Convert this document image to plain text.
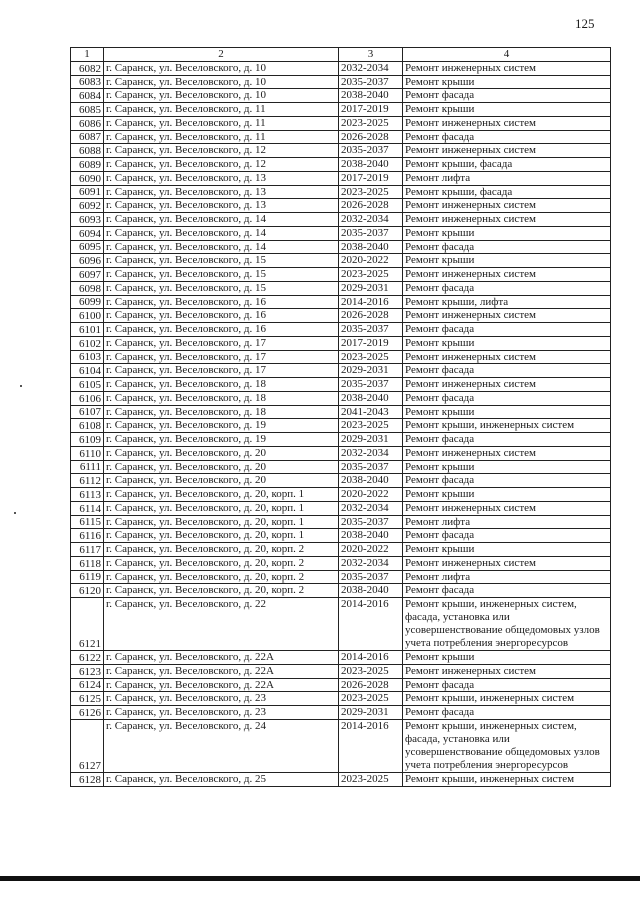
125
1	2	3	4
6082	г. Саранск, ул. Веселовского, д. 10	2032-2034	Ремонт инженерных систем
6083	г. Саранск, ул. Веселовского, д. 10	2035-2037	Ремонт крыши
6084	г. Саранск, ул. Веселовского, д. 10	2038-2040	Ремонт фасада
6085	г. Саранск, ул. Веселовского, д. 11	2017-2019	Ремонт крыши
6086	г. Саранск, ул. Веселовского, д. 11	2023-2025	Ремонт инженерных систем
6087	г. Саранск, ул. Веселовского, д. 11	2026-2028	Ремонт фасада
6088	г. Саранск, ул. Веселовского, д. 12	2035-2037	Ремонт инженерных систем
6089	г. Саранск, ул. Веселовского, д. 12	2038-2040	Ремонт крыши, фасада
6090	г. Саранск, ул. Веселовского, д. 13	2017-2019	Ремонт лифта
6091	г. Саранск, ул. Веселовского, д. 13	2023-2025	Ремонт крыши, фасада
6092	г. Саранск, ул. Веселовского, д. 13	2026-2028	Ремонт инженерных систем
6093	г. Саранск, ул. Веселовского, д. 14	2032-2034	Ремонт инженерных систем
6094	г. Саранск, ул. Веселовского, д. 14	2035-2037	Ремонт крыши
6095	г. Саранск, ул. Веселовского, д. 14	2038-2040	Ремонт фасада
6096	г. Саранск, ул. Веселовского, д. 15	2020-2022	Ремонт крыши
6097	г. Саранск, ул. Веселовского, д. 15	2023-2025	Ремонт инженерных систем
6098	г. Саранск, ул. Веселовского, д. 15	2029-2031	Ремонт фасада
6099	г. Саранск, ул. Веселовского, д. 16	2014-2016	Ремонт крыши, лифта
6100	г. Саранск, ул. Веселовского, д. 16	2026-2028	Ремонт инженерных систем
6101	г. Саранск, ул. Веселовского, д. 16	2035-2037	Ремонт фасада
6102	г. Саранск, ул. Веселовского, д. 17	2017-2019	Ремонт крыши
6103	г. Саранск, ул. Веселовского, д. 17	2023-2025	Ремонт инженерных систем
6104	г. Саранск, ул. Веселовского, д. 17	2029-2031	Ремонт фасада
6105	г. Саранск, ул. Веселовского, д. 18	2035-2037	Ремонт инженерных систем
6106	г. Саранск, ул. Веселовского, д. 18	2038-2040	Ремонт фасада
6107	г. Саранск, ул. Веселовского, д. 18	2041-2043	Ремонт крыши
6108	г. Саранск, ул. Веселовского, д. 19	2023-2025	Ремонт крыши, инженерных систем
6109	г. Саранск, ул. Веселовского, д. 19	2029-2031	Ремонт фасада
6110	г. Саранск, ул. Веселовского, д. 20	2032-2034	Ремонт инженерных систем
6111	г. Саранск, ул. Веселовского, д. 20	2035-2037	Ремонт крыши
6112	г. Саранск, ул. Веселовского, д. 20	2038-2040	Ремонт фасада
6113	г. Саранск, ул. Веселовского, д. 20, корп. 1	2020-2022	Ремонт крыши
6114	г. Саранск, ул. Веселовского, д. 20, корп. 1	2032-2034	Ремонт инженерных систем
6115	г. Саранск, ул. Веселовского, д. 20, корп. 1	2035-2037	Ремонт лифта
6116	г. Саранск, ул. Веселовского, д. 20, корп. 1	2038-2040	Ремонт фасада
6117	г. Саранск, ул. Веселовского, д. 20, корп. 2	2020-2022	Ремонт крыши
6118	г. Саранск, ул. Веселовского, д. 20, корп. 2	2032-2034	Ремонт инженерных систем
6119	г. Саранск, ул. Веселовского, д. 20, корп. 2	2035-2037	Ремонт лифта
6120	г. Саранск, ул. Веселовского, д. 20, корп. 2	2038-2040	Ремонт фасада
6121	г. Саранск, ул. Веселовского, д. 22	2014-2016	Ремонт крыши, инженерных систем, фасада, установка или усовершенствование общедомовых узлов учета потребления энергоресурсов
6122	г. Саранск, ул. Веселовского, д. 22А	2014-2016	Ремонт крыши
6123	г. Саранск, ул. Веселовского, д. 22А	2023-2025	Ремонт инженерных систем
6124	г. Саранск, ул. Веселовского, д. 22А	2026-2028	Ремонт фасада
6125	г. Саранск, ул. Веселовского, д. 23	2023-2025	Ремонт крыши, инженерных систем
6126	г. Саранск, ул. Веселовского, д. 23	2029-2031	Ремонт фасада
6127	г. Саранск, ул. Веселовского, д. 24	2014-2016	Ремонт крыши, инженерных систем, фасада, установка или усовершенствование общедомовых узлов учета потребления энергоресурсов
6128	г. Саранск, ул. Веселовского, д. 25	2023-2025	Ремонт крыши, инженерных систем
